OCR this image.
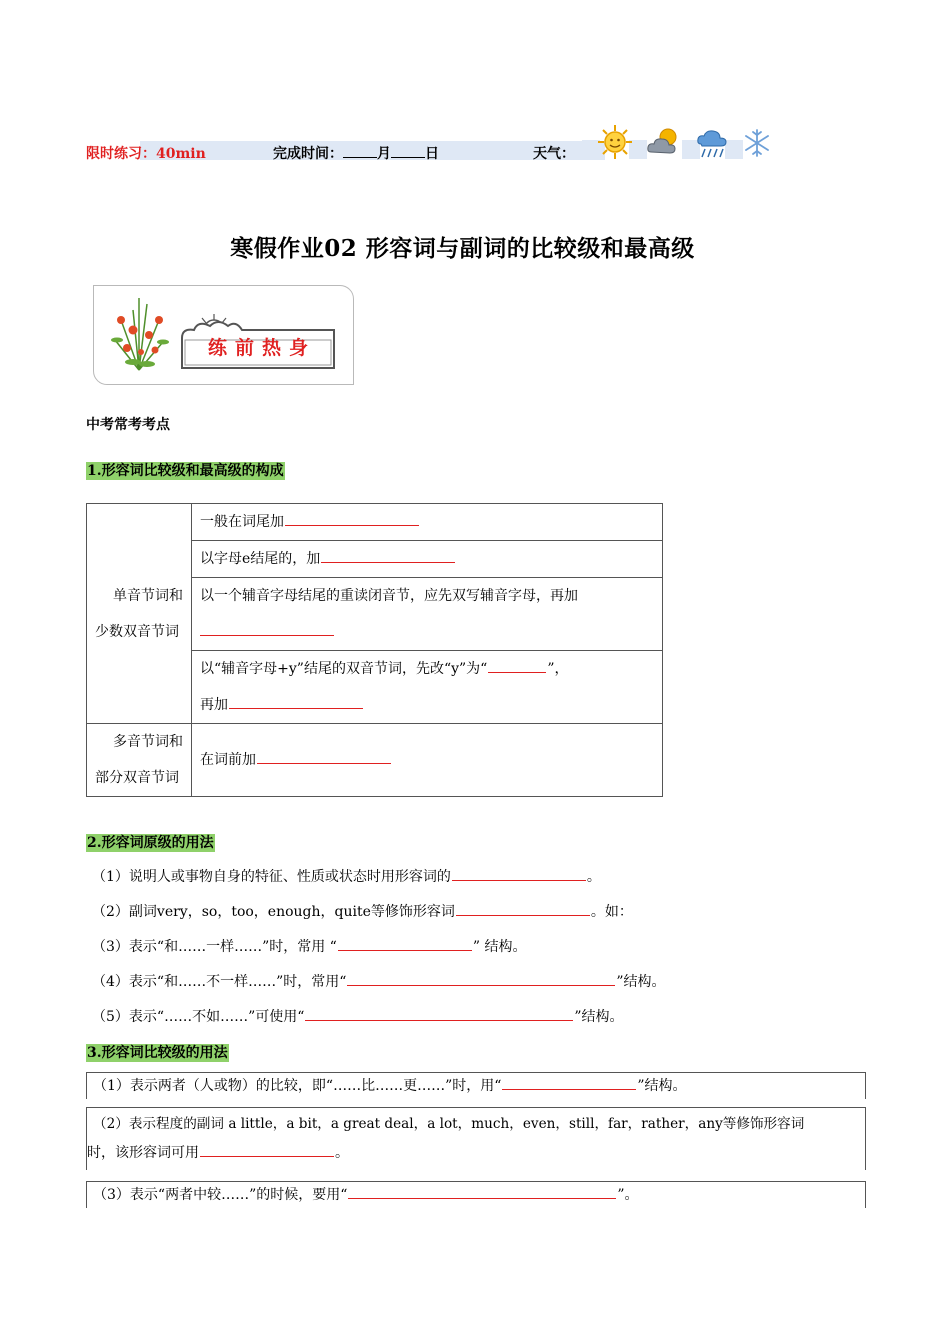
限时练习：40min	完成时间： 月 日	天气：
寒假作业02 形容词与副词的比较级和最高级
练前热身
中考常考考点
1.形容词比较级和最高级的构成
单音节词和少数双音节词	一般在词尾加
	以字母e结尾的，加
	以一个辅音字母结尾的重读闭音节，应先双写辅音字母，再加

	以“辅音字母+y”结尾的双音节词，先改“y”为“ ”，
再加

多音节词和部分双音节词	在词前加
2.形容词原级的用法
（1）说明人或事物自身的特征、性质或状态时用形容词的	。
（2）副词very，so，too，enough，quite等修饰形容词	。如：
（3）表示“和……一样……”时，常用 “	” 结构。
（4）表示“和……不一样……”时，常用“	”结构。
（5）表示“……不如……”可使用“	”结构。
3.形容词比较级的用法
（1）表示两者（人或物）的比较，即“……比……更……”时，用“	”结构。
（2）表示程度的副词 a little，a bit，a great deal，a lot，much，even，still，far，rather，any等修饰形容词
时，该形容词可用	。
（3）表示“两者中较……”的时候，要用“	”。
